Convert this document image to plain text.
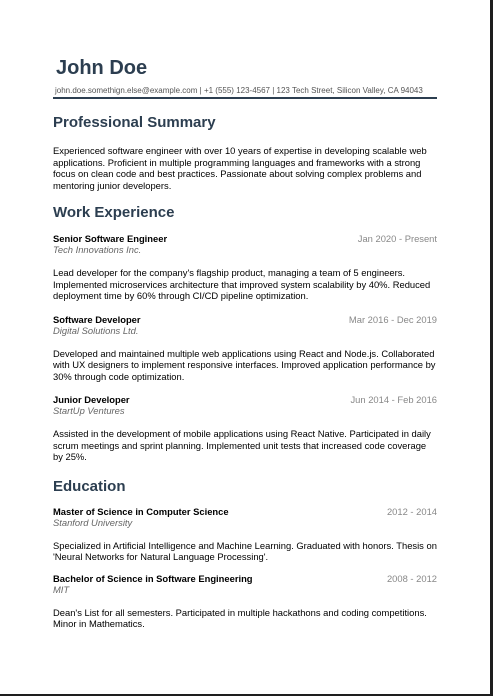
John Doe
john.doe.somethign.else@example.com | +1 (555) 123-4567 | 123 Tech Street, Silicon Valley, CA 94043
Professional Summary

Experienced software engineer with over 10 years of expertise in developing scalable web applications. Proficient in multiple programming languages and frameworks with a strong focus on clean code and best practices. Passionate about solving complex problems and mentoring junior developers.

Work Experience
Senior Software Engineer	Jan 2020 - Present
Tech Innovations Inc.

Lead developer for the company's flagship product, managing a team of 5 engineers. Implemented microservices architecture that improved system scalability by 40%. Reduced deployment time by 60% through CI/CD pipeline optimization.

Software Developer	Mar 2016 - Dec 2019
Digital Solutions Ltd.

Developed and maintained multiple web applications using React and Node.js. Collaborated with UX designers to implement responsive interfaces. Improved application performance by 30% through code optimization.

Junior Developer	Jun 2014 - Feb 2016
StartUp Ventures

Assisted in the development of mobile applications using React Native. Participated in daily scrum meetings and sprint planning. Implemented unit tests that increased code coverage by 25%.

Education
Master of Science in Computer Science	2012 - 2014
Stanford University

Specialized in Artificial Intelligence and Machine Learning. Graduated with honors. Thesis on 'Neural Networks for Natural Language Processing'.

Bachelor of Science in Software Engineering	2008 - 2012
MIT

Dean's List for all semesters. Participated in multiple hackathons and coding competitions. Minor in Mathematics.
